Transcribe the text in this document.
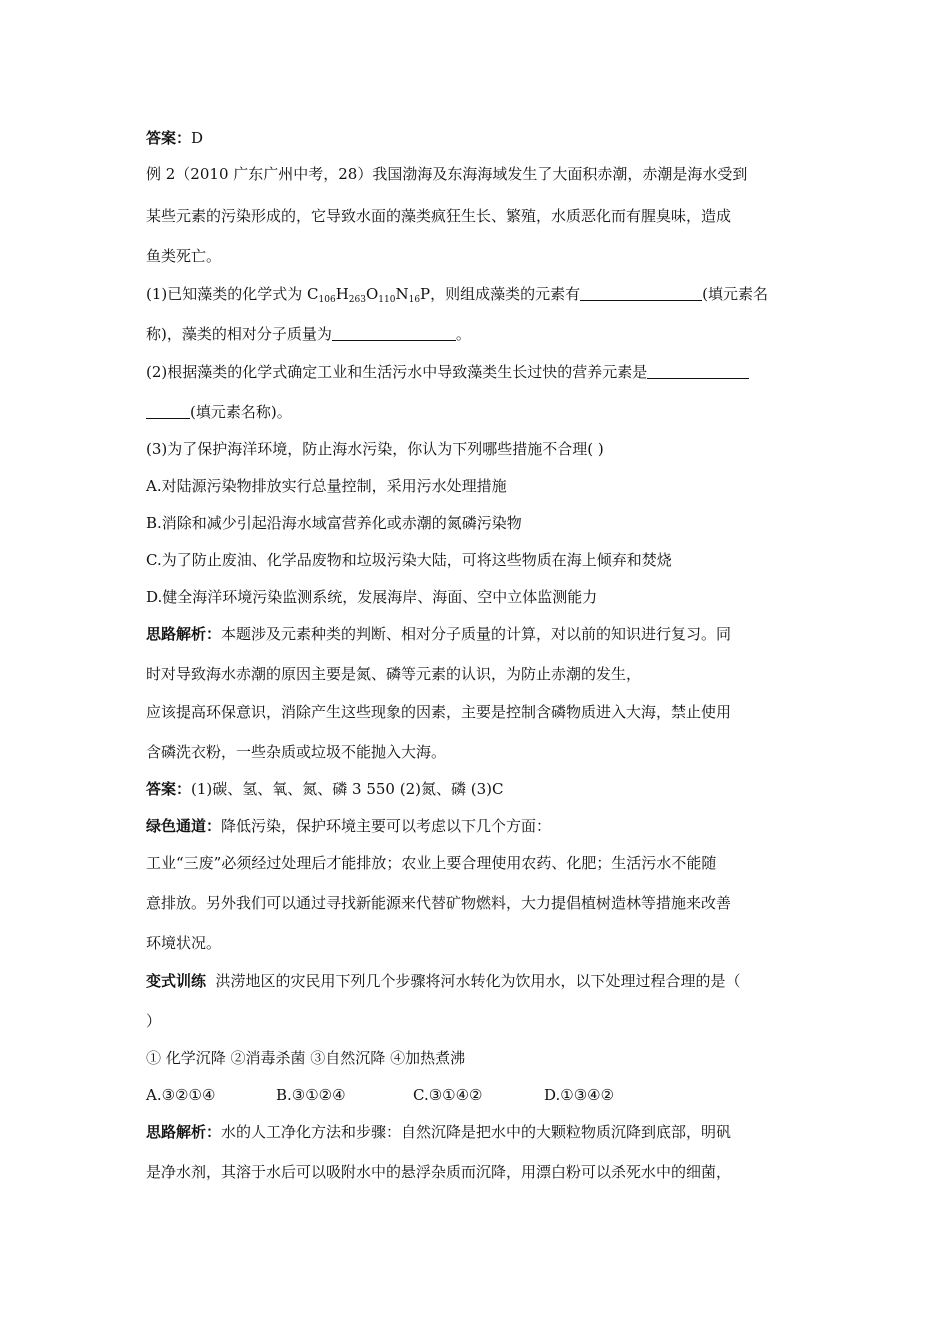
答案：D
例 2（2010 广东广州中考，28）我国渤海及东海海域发生了大面积赤潮，赤潮是海水受到
某些元素的污染形成的，它导致水面的藻类疯狂生长、繁殖，水质恶化而有腥臭味，造成
鱼类死亡。
(1)已知藻类的化学式为 $C_{106}H_{263}O_{110}N_{16}P$，则组成藻类的元素有	(填元素名
称)，藻类的相对分子质量为	。
(2)根据藻类的化学式确定工业和生活污水中导致藻类生长过快的营养元素是
(填元素名称)。
(3)为了保护海洋环境，防止海水污染，你认为下列哪些措施不合理( )
A.对陆源污染物排放实行总量控制，采用污水处理措施
B.消除和减少引起沿海水域富营养化或赤潮的氮磷污染物
C.为了防止废油、化学品废物和垃圾污染大陆，可将这些物质在海上倾弃和焚烧
D.健全海洋环境污染监测系统，发展海岸、海面、空中立体监测能力
思路解析：本题涉及元素种类的判断、相对分子质量的计算，对以前的知识进行复习。同
时对导致海水赤潮的原因主要是氮、磷等元素的认识，为防止赤潮的发生，
应该提高环保意识，消除产生这些现象的因素，主要是控制含磷物质进入大海，禁止使用
含磷洗衣粉，一些杂质或垃圾不能抛入大海。
答案：(1)碳、氢、氧、氮、磷 3 550 (2)氮、磷 (3)C
绿色通道：降低污染，保护环境主要可以考虑以下几个方面：
工业“三废”必须经过处理后才能排放；农业上要合理使用农药、化肥；生活污水不能随
意排放。另外我们可以通过寻找新能源来代替矿物燃料，大力提倡植树造林等措施来改善
环境状况。
变式训练  洪涝地区的灾民用下列几个步骤将河水转化为饮用水，以下处理过程合理的是（
）
① 化学沉降 ②消毒杀菌 ③自然沉降 ④加热煮沸
A.③②①④	B.③①②④	C.③①④②	D.①③④②
思路解析：水的人工净化方法和步骤：自然沉降是把水中的大颗粒物质沉降到底部，明矾
是净水剂，其溶于水后可以吸附水中的悬浮杂质而沉降，用漂白粉可以杀死水中的细菌，
